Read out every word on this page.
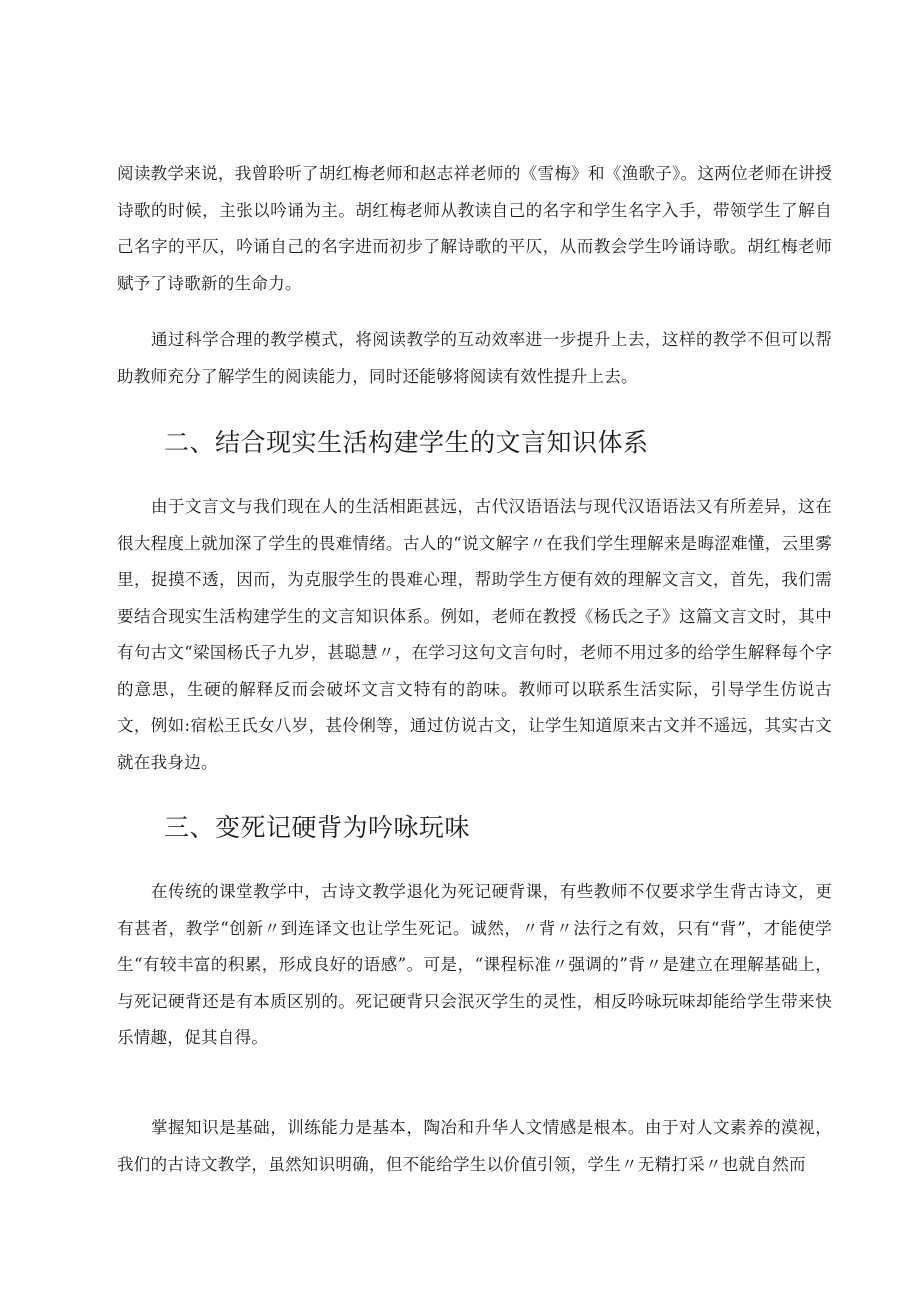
阅读教学来说，我曾聆听了胡红梅老师和赵志祥老师的《雪梅》和《渔歌子》。这两位老师在讲授诗歌的时候，主张以吟诵为主。胡红梅老师从教读自己的名字和学生名字入手，带领学生了解自己名字的平仄，吟诵自己的名字进而初步了解诗歌的平仄，从而教会学生吟诵诗歌。胡红梅老师赋予了诗歌新的生命力。

通过科学合理的教学模式，将阅读教学的互动效率进一步提升上去，这样的教学不但可以帮助教师充分了解学生的阅读能力，同时还能够将阅读有效性提升上去。

二、结合现实生活构建学生的文言知识体系

由于文言文与我们现在人的生活相距甚远，古代汉语语法与现代汉语语法又有所差异，这在很大程度上就加深了学生的畏难情绪。古人的“说文解字〃在我们学生理解来是晦涩难懂，云里雾里，捉摸不透，因而，为克服学生的畏难心理，帮助学生方便有效的理解文言文，首先，我们需要结合现实生活构建学生的文言知识体系。例如，老师在教授《杨氏之子》这篇文言文时，其中有句古文“梁国杨氏子九岁，甚聪慧〃，在学习这句文言句时，老师不用过多的给学生解释每个字的意思，生硬的解释反而会破坏文言文特有的韵味。教师可以联系生活实际，引导学生仿说古文，例如:宿松王氏女八岁，甚伶俐等，通过仿说古文，让学生知道原来古文并不遥远，其实古文就在我身边。

三、变死记硬背为吟咏玩味

在传统的课堂教学中，古诗文教学退化为死记硬背课，有些教师不仅要求学生背古诗文，更有甚者，教学“创新〃到连译文也让学生死记。诚然，〃背〃法行之有效，只有“背”，才能使学生“有较丰富的积累，形成良好的语感”。可是，“课程标准〃强调的”背〃是建立在理解基础上，与死记硬背还是有本质区别的。死记硬背只会泯灭学生的灵性，相反吟咏玩味却能给学生带来快乐情趣，促其自得。

掌握知识是基础，训练能力是基本，陶冶和升华人文情感是根本。由于对人文素养的漠视，我们的古诗文教学，虽然知识明确，但不能给学生以价值引领，学生〃无精打采〃也就自然而
